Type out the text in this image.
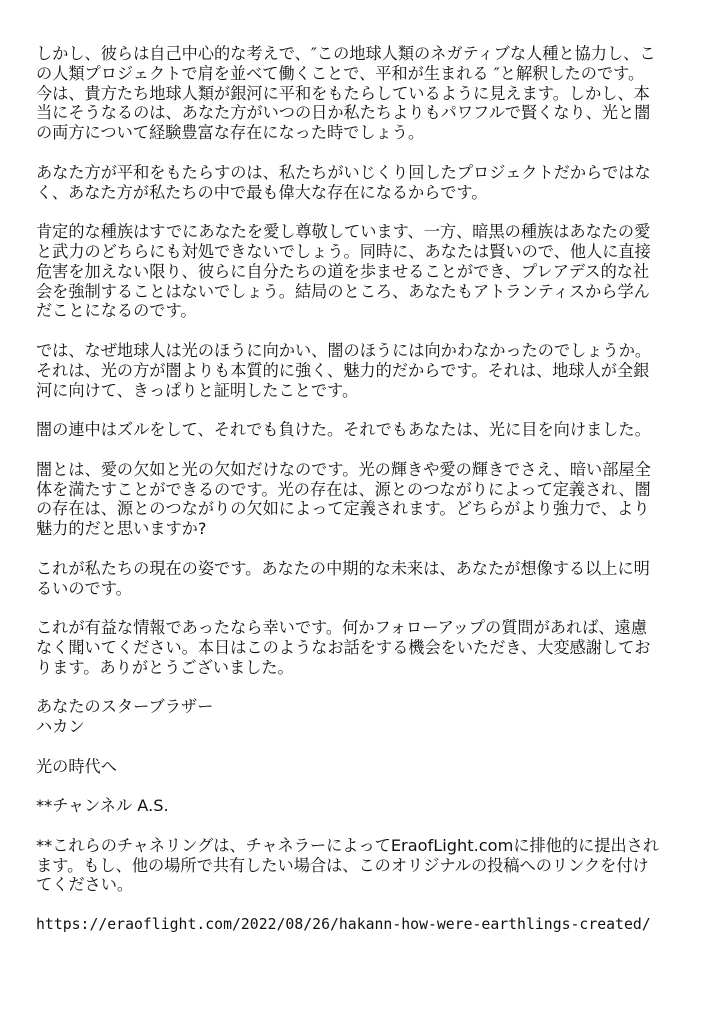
しかし、彼らは自己中心的な考えで、″この地球人類のネガティブな人種と協力し、こ
の人類プロジェクトで肩を並べて働くことで、平和が生まれる ″と解釈したのです。
今は、貴方たち地球人類が銀河に平和をもたらしているように見えます。しかし、本
当にそうなるのは、あなた方がいつの日か私たちよりもパワフルで賢くなり、光と闇
の両方について経験豊富な存在になった時でしょう。
あなた方が平和をもたらすのは、私たちがいじくり回したプロジェクトだからではな
く、あなた方が私たちの中で最も偉大な存在になるからです。
肯定的な種族はすでにあなたを愛し尊敬しています、一方、暗黒の種族はあなたの愛
と武力のどちらにも対処できないでしょう。同時に、あなたは賢いので、他人に直接
危害を加えない限り、彼らに自分たちの道を歩ませることができ、プレアデス的な社
会を強制することはないでしょう。結局のところ、あなたもアトランティスから学ん
だことになるのです。
では、なぜ地球人は光のほうに向かい、闇のほうには向かわなかったのでしょうか。
それは、光の方が闇よりも本質的に強く、魅力的だからです。それは、地球人が全銀
河に向けて、きっぱりと証明したことです。
闇の連中はズルをして、それでも負けた。それでもあなたは、光に目を向けました。
闇とは、愛の欠如と光の欠如だけなのです。光の輝きや愛の輝きでさえ、暗い部屋全
体を満たすことができるのです。光の存在は、源とのつながりによって定義され、闇
の存在は、源とのつながりの欠如によって定義されます。どちらがより強力で、より
魅力的だと思いますか?
これが私たちの現在の姿です。あなたの中期的な未来は、あなたが想像する以上に明
るいのです。
これが有益な情報であったなら幸いです。何かフォローアップの質問があれば、遠慮
なく聞いてください。本日はこのようなお話をする機会をいただき、大変感謝してお
ります。ありがとうございました。
あなたのスターブラザー
ハカン
光の時代へ
**チャンネル A.S.
**これらのチャネリングは、チャネラーによってEraofLight.comに排他的に提出され
ます。もし、他の場所で共有したい場合は、このオリジナルの投稿へのリンクを付け
てください。
https://eraoflight.com/2022/08/26/hakann-how-were-earthlings-created/
